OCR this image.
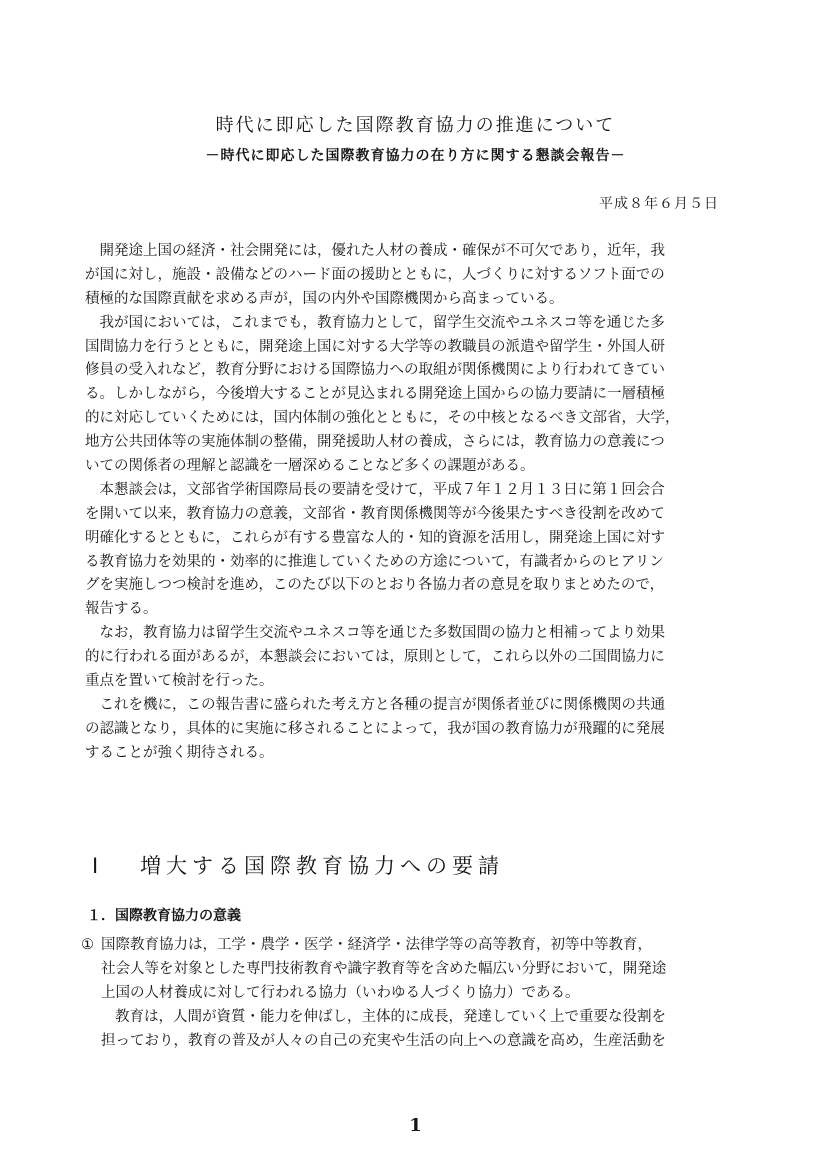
時代に即応した国際教育協力の推進について
－時代に即応した国際教育協力の在り方に関する懇談会報告－
平成８年６月５日
　開発途上国の経済・社会開発には，優れた人材の養成・確保が不可欠であり，近年，我
が国に対し，施設・設備などのハード面の援助とともに，人づくりに対するソフト面での
積極的な国際貢献を求める声が，国の内外や国際機関から高まっている。
　我が国においては，これまでも，教育協力として，留学生交流やユネスコ等を通じた多
国間協力を行うとともに，開発途上国に対する大学等の教職員の派遣や留学生・外国人研
修員の受入れなど，教育分野における国際協力への取組が関係機関により行われてきてい
る。しかしながら，今後増大することが見込まれる開発途上国からの協力要請に一層積極
的に対応していくためには，国内体制の強化とともに，その中核となるべき文部省，大学，
地方公共団体等の実施体制の整備，開発援助人材の養成，さらには，教育協力の意義につ
いての関係者の理解と認識を一層深めることなど多くの課題がある。
　本懇談会は，文部省学術国際局長の要請を受けて，平成７年１２月１３日に第１回会合
を開いて以来，教育協力の意義，文部省・教育関係機関等が今後果たすべき役割を改めて
明確化するとともに，これらが有する豊富な人的・知的資源を活用し，開発途上国に対す
る教育協力を効果的・効率的に推進していくための方途について，有識者からのヒアリン
グを実施しつつ検討を進め，このたび以下のとおり各協力者の意見を取りまとめたので，
報告する。
　なお，教育協力は留学生交流やユネスコ等を通じた多数国間の協力と相補ってより効果
的に行われる面があるが，本懇談会においては，原則として，これら以外の二国間協力に
重点を置いて検討を行った。
　これを機に，この報告書に盛られた考え方と各種の提言が関係者並びに関係機関の共通
の認識となり，具体的に実施に移されることによって，我が国の教育協力が飛躍的に発展
することが強く期待される。
Ⅰ 増大する国際教育協力への要請
１．国際教育協力の意義
① 国際教育協力は，工学・農学・医学・経済学・法律学等の高等教育，初等中等教育，
社会人等を対象とした専門技術教育や識字教育等を含めた幅広い分野において，開発途
上国の人材養成に対して行われる協力（いわゆる人づくり協力）である。
教育は，人間が資質・能力を伸ばし，主体的に成長，発達していく上で重要な役割を
担っており，教育の普及が人々の自己の充実や生活の向上への意識を高め，生産活動を
1
